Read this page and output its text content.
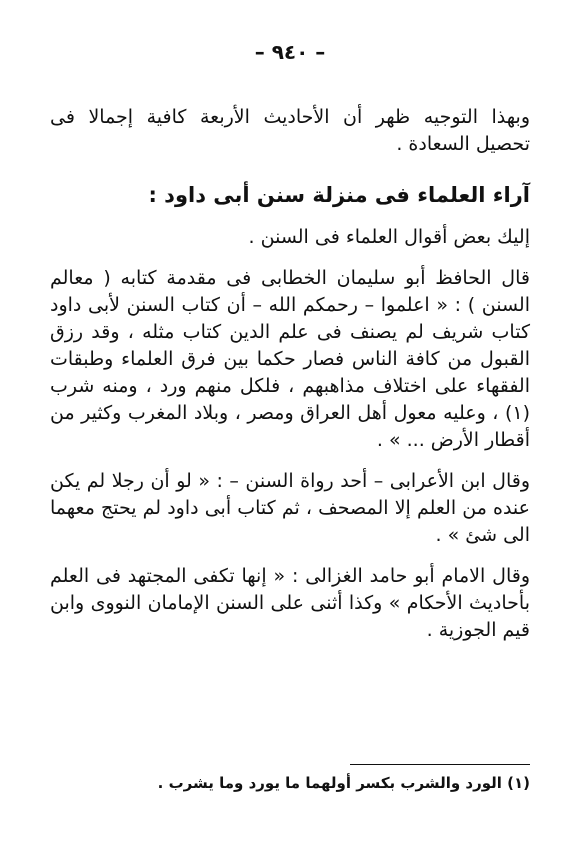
– ٩٤٠ –

وبهذا التوجيه ظهر أن الأحاديث الأربعة كافية إجمالا فى تحصيل السعادة .

آراء العلماء فى منزلة سنن أبى داود :

إليك بعض أقوال العلماء فى السنن .

قال الحافظ أبو سليمان الخطابى فى مقدمة كتابه ( معالم السنن ) : « اعلموا – رحمكم الله – أن كتاب السنن لأبى داود كتاب شريف لم يصنف فى علم الدين كتاب مثله ، وقد رزق القبول من كافة الناس فصار حكما بين فرق العلماء وطبقات الفقهاء على اختلاف مذاهبهم ، فلكل منهم ورد ، ومنه شرب (١) ، وعليه معول أهل العراق ومصر ، وبلاد المغرب وكثير من أقطار الأرض ... » .

وقال ابن الأعرابى – أحد رواة السنن – : « لو أن رجلا لم يكن عنده من العلم إلا المصحف ، ثم كتاب أبى داود لم يحتج معهما الى شئ » .

وقال الامام أبو حامد الغزالى : « إنها تكفى المجتهد فى العلم بأحاديث الأحكام » وكذا أثنى على السنن الإمامان النووى وابن قيم الجوزية .

(١) الورد والشرب بكسر أولهما ما يورد وما يشرب .
